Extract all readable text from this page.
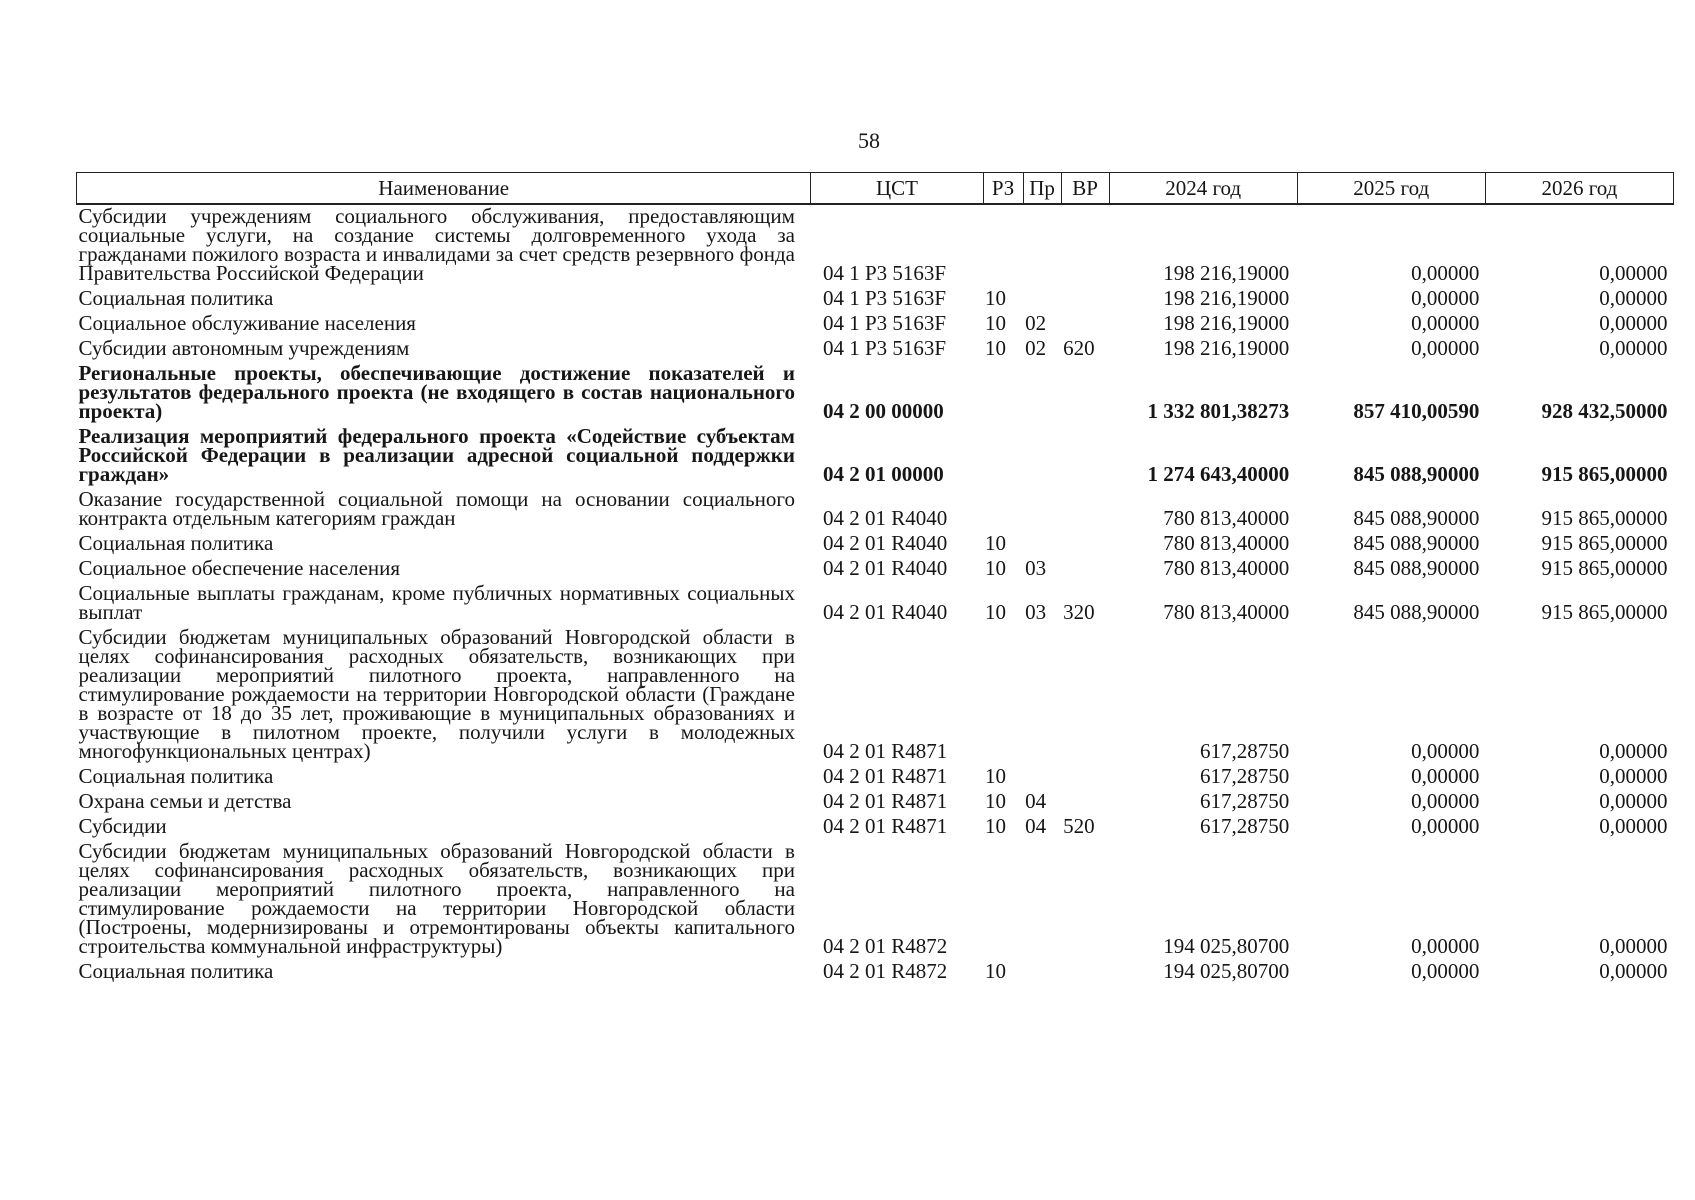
58
Наименование	ЦСТ	РЗ	Пр	ВР	2024 год	2025 год	2026 год
Субсидии учреждениям социального обслуживания, предоставляющим социальные услуги, на создание системы долговременного ухода за гражданами пожилого возраста и инвалидами за счет средств резервного фонда Правительства Российской Федерации	04 1 Р3 5163F				198 216,19000	0,00000	0,00000
Социальная политика	04 1 Р3 5163F	10			198 216,19000	0,00000	0,00000
Социальное обслуживание населения	04 1 Р3 5163F	10	02		198 216,19000	0,00000	0,00000
Субсидии автономным учреждениям	04 1 Р3 5163F	10	02	620	198 216,19000	0,00000	0,00000
Региональные проекты, обеспечивающие достижение показателей и результатов федерального проекта (не входящего в состав национального проекта)	04 2 00 00000				1 332 801,38273	857 410,00590	928 432,50000
Реализация мероприятий федерального проекта «Содействие субъектам Российской Федерации в реализации адресной социальной поддержки граждан»	04 2 01 00000				1 274 643,40000	845 088,90000	915 865,00000
Оказание государственной социальной помощи на основании социального контракта отдельным категориям граждан	04 2 01 R4040				780 813,40000	845 088,90000	915 865,00000
Социальная политика	04 2 01 R4040	10			780 813,40000	845 088,90000	915 865,00000
Социальное обеспечение населения	04 2 01 R4040	10	03		780 813,40000	845 088,90000	915 865,00000
Социальные выплаты гражданам, кроме публичных нормативных социальных выплат	04 2 01 R4040	10	03	320	780 813,40000	845 088,90000	915 865,00000
Субсидии бюджетам муниципальных образований Новгородской области в целях софинансирования расходных обязательств, возникающих при реализации мероприятий пилотного проекта, направленного на стимулирование рождаемости на территории Новгородской области (Граждане в возрасте от 18 до 35 лет, проживающие в муниципальных образованиях и участвующие в пилотном проекте, получили услуги в молодежных многофункциональных центрах)	04 2 01 R4871				617,28750	0,00000	0,00000
Социальная политика	04 2 01 R4871	10			617,28750	0,00000	0,00000
Охрана семьи и детства	04 2 01 R4871	10	04		617,28750	0,00000	0,00000
Субсидии	04 2 01 R4871	10	04	520	617,28750	0,00000	0,00000
Субсидии бюджетам муниципальных образований Новгородской области в целях софинансирования расходных обязательств, возникающих при реализации мероприятий пилотного проекта, направленного на стимулирование рождаемости на территории Новгородской области (Построены, модернизированы и отремонтированы объекты капитального строительства коммунальной инфраструктуры)	04 2 01 R4872				194 025,80700	0,00000	0,00000
Социальная политика	04 2 01 R4872	10			194 025,80700	0,00000	0,00000
